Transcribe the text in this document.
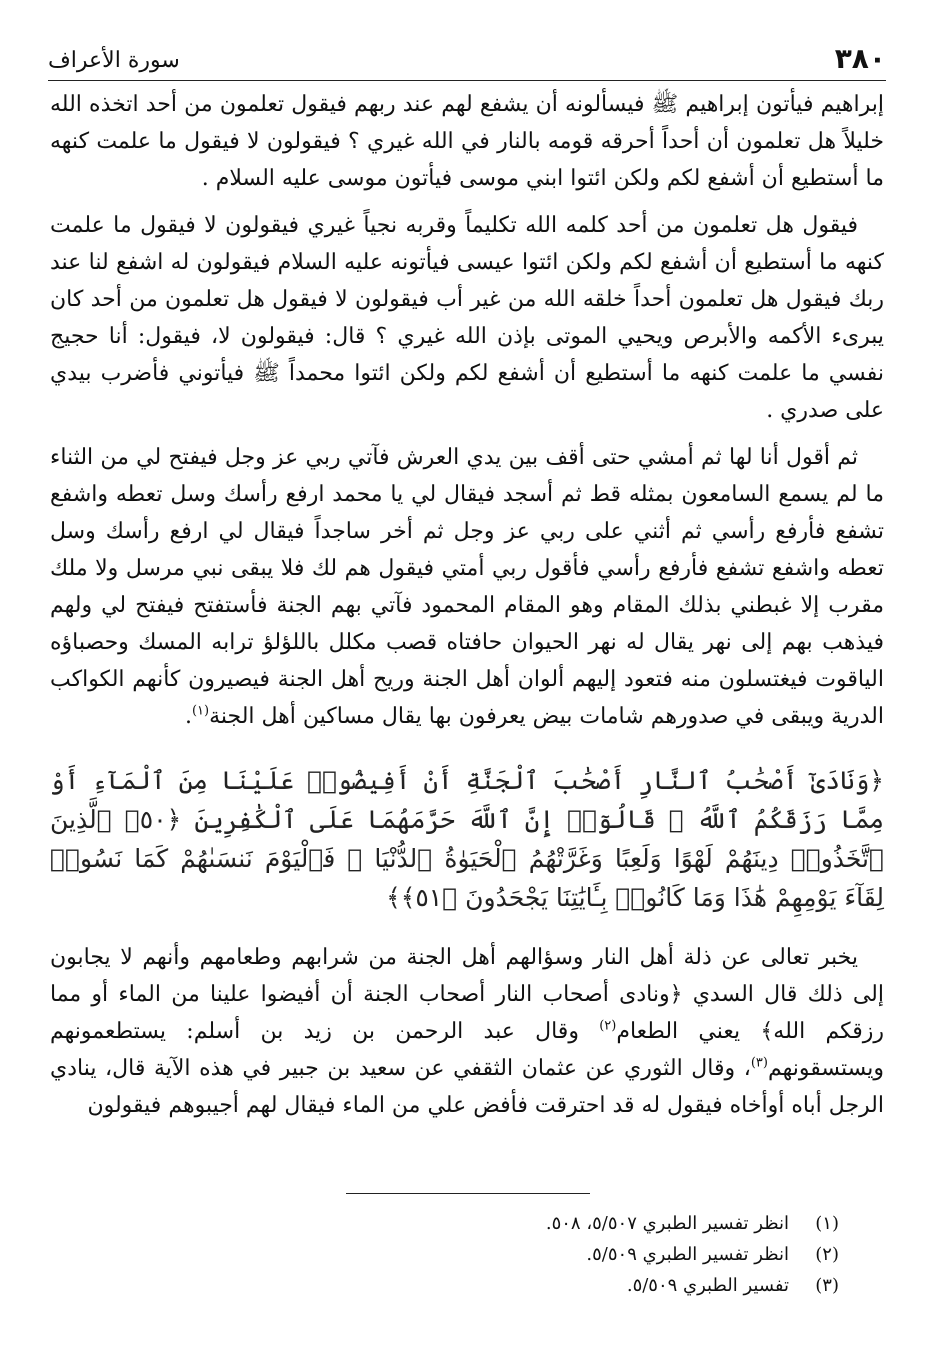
٣٨٠
سورة الأعراف

إبراهيم فيأتون إبراهيم ﷺ فيسألونه أن يشفع لهم عند ربهم فيقول تعلمون من أحد اتخذه الله خليلاً هل تعلمون أن أحداً أحرقه قومه بالنار في الله غيري ؟ فيقولون لا فيقول ما علمت كنهه ما أستطيع أن أشفع لكم ولكن ائتوا ابني موسى فيأتون موسى عليه السلام .

فيقول هل تعلمون من أحد كلمه الله تكليماً وقربه نجياً غيري فيقولون لا فيقول ما علمت كنهه ما أستطيع أن أشفع لكم ولكن ائتوا عيسى فيأتونه عليه السلام فيقولون له اشفع لنا عند ربك فيقول هل تعلمون أحداً خلقه الله من غير أب فيقولون لا فيقول هل تعلمون من أحد كان يبرىء الأكمه والأبرص ويحيي الموتى بإذن الله غيري ؟ قال: فيقولون لا، فيقول: أنا حجيج نفسي ما علمت كنهه ما أستطيع أن أشفع لكم ولكن ائتوا محمداً ﷺ فيأتوني فأضرب بيدي على صدري .

ثم أقول أنا لها ثم أمشي حتى أقف بين يدي العرش فآتي ربي عز وجل فيفتح لي من الثناء ما لم يسمع السامعون بمثله قط ثم أسجد فيقال لي يا محمد ارفع رأسك وسل تعطه واشفع تشفع فأرفع رأسي ثم أثني على ربي عز وجل ثم أخر ساجداً فيقال لي ارفع رأسك وسل تعطه واشفع تشفع فأرفع رأسي فأقول ربي أمتي فيقول هم لك فلا يبقى نبي مرسل ولا ملك مقرب إلا غبطني بذلك المقام وهو المقام المحمود فآتي بهم الجنة فأستفتح فيفتح لي ولهم فيذهب بهم إلى نهر يقال له نهر الحيوان حافتاه قصب مكلل باللؤلؤ ترابه المسك وحصباؤه الياقوت فيغتسلون منه فتعود إليهم ألوان أهل الجنة وريح أهل الجنة فيصيرون كأنهم الكواكب الدرية ويبقى في صدورهم شامات بيض يعرفون بها يقال مساكين أهل الجنة$^{(١)}$.

﴿وَنَادَىٰٓ أَصْحَٰبُ ٱلنَّارِ أَصْحَٰبَ ٱلْجَنَّةِ أَنْ أَفِيضُوا۟ عَلَيْنَا مِنَ ٱلْمَآءِ أَوْ مِمَّا رَزَقَكُمُ ٱللَّهُ ۚ قَالُوٓا۟ إِنَّ ٱللَّهَ حَرَّمَهُمَا عَلَى ٱلْكَٰفِرِينَ ﴿٥٠﴾ ٱلَّذِينَ ٱتَّخَذُوا۟ دِينَهُمْ لَهْوًا وَلَعِبًا وَغَرَّتْهُمُ ٱلْحَيَوٰةُ ٱلدُّنْيَا ۚ فَٱلْيَوْمَ نَنسَىٰهُمْ كَمَا نَسُوا۟ لِقَآءَ يَوْمِهِمْ هَٰذَا وَمَا كَانُوا۟ بِـَٔايَٰتِنَا يَجْحَدُونَ ﴿٥١﴾﴾

يخبر تعالى عن ذلة أهل النار وسؤالهم أهل الجنة من شرابهم وطعامهم وأنهم لا يجابون إلى ذلك قال السدي ﴿ونادى أصحاب النار أصحاب الجنة أن أفيضوا علينا من الماء أو مما رزقكم الله﴾ يعني الطعام$^{(٢)}$ وقال عبد الرحمن بن زيد بن أسلم: يستطعمونهم ويستسقونهم$^{(٣)}$، وقال الثوري عن عثمان الثقفي عن سعيد بن جبير في هذه الآية قال، ينادي الرجل أباه أوأخاه فيقول له قد احترقت فأفض علي من الماء فيقال لهم أجيبوهم فيقولون

(١)
انظر تفسير الطبري ٥/٥٠٧، ٥٠٨.
(٢)
انظر تفسير الطبري ٥/٥٠٩.
(٣)
تفسير الطبري ٥/٥٠٩.
